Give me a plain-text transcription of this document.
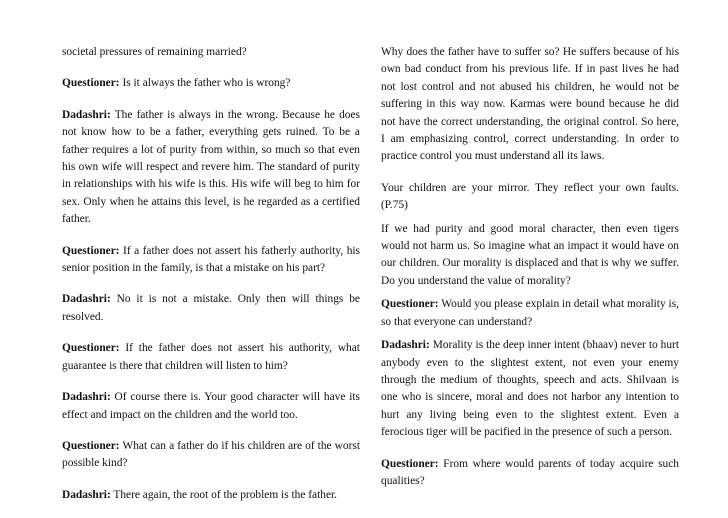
societal pressures of remaining married?

Questioner: Is it always the father who is wrong?

Dadashri: The father is always in the wrong. Because he does not know how to be a father, everything gets ruined. To be a father requires a lot of purity from within, so much so that even his own wife will respect and revere him. The standard of purity in relationships with his wife is this. His wife will beg to him for sex. Only when he attains this level, is he regarded as a certified father.

Questioner: If a father does not assert his fatherly authority, his senior position in the family, is that a mistake on his part?

Dadashri: No it is not a mistake. Only then will things be resolved.

Questioner: If the father does not assert his authority, what guarantee is there that children will listen to him?

Dadashri: Of course there is. Your good character will have its effect and impact on the children and the world too.

Questioner: What can a father do if his children are of the worst possible kind?

Dadashri: There again, the root of the problem is the father.

Why does the father have to suffer so? He suffers because of his own bad conduct from his previous life. If in past lives he had not lost control and not abused his children, he would not be suffering in this way now. Karmas were bound because he did not have the correct understanding, the original control. So here, I am emphasizing control, correct understanding. In order to practice control you must understand all its laws.

Your children are your mirror. They reflect your own faults. (P.75)

If we had purity and good moral character, then even tigers would not harm us. So imagine what an impact it would have on our children. Our morality is displaced and that is why we suffer. Do you understand the value of morality?

Questioner: Would you please explain in detail what morality is, so that everyone can understand?

Dadashri: Morality is the deep inner intent (bhaav) never to hurt anybody even to the slightest extent, not even your enemy through the medium of thoughts, speech and acts. Shilvaan is one who is sincere, moral and does not harbor any intention to hurt any living being even to the slightest extent. Even a ferocious tiger will be pacified in the presence of such a person.

Questioner: From where would parents of today acquire such qualities?
